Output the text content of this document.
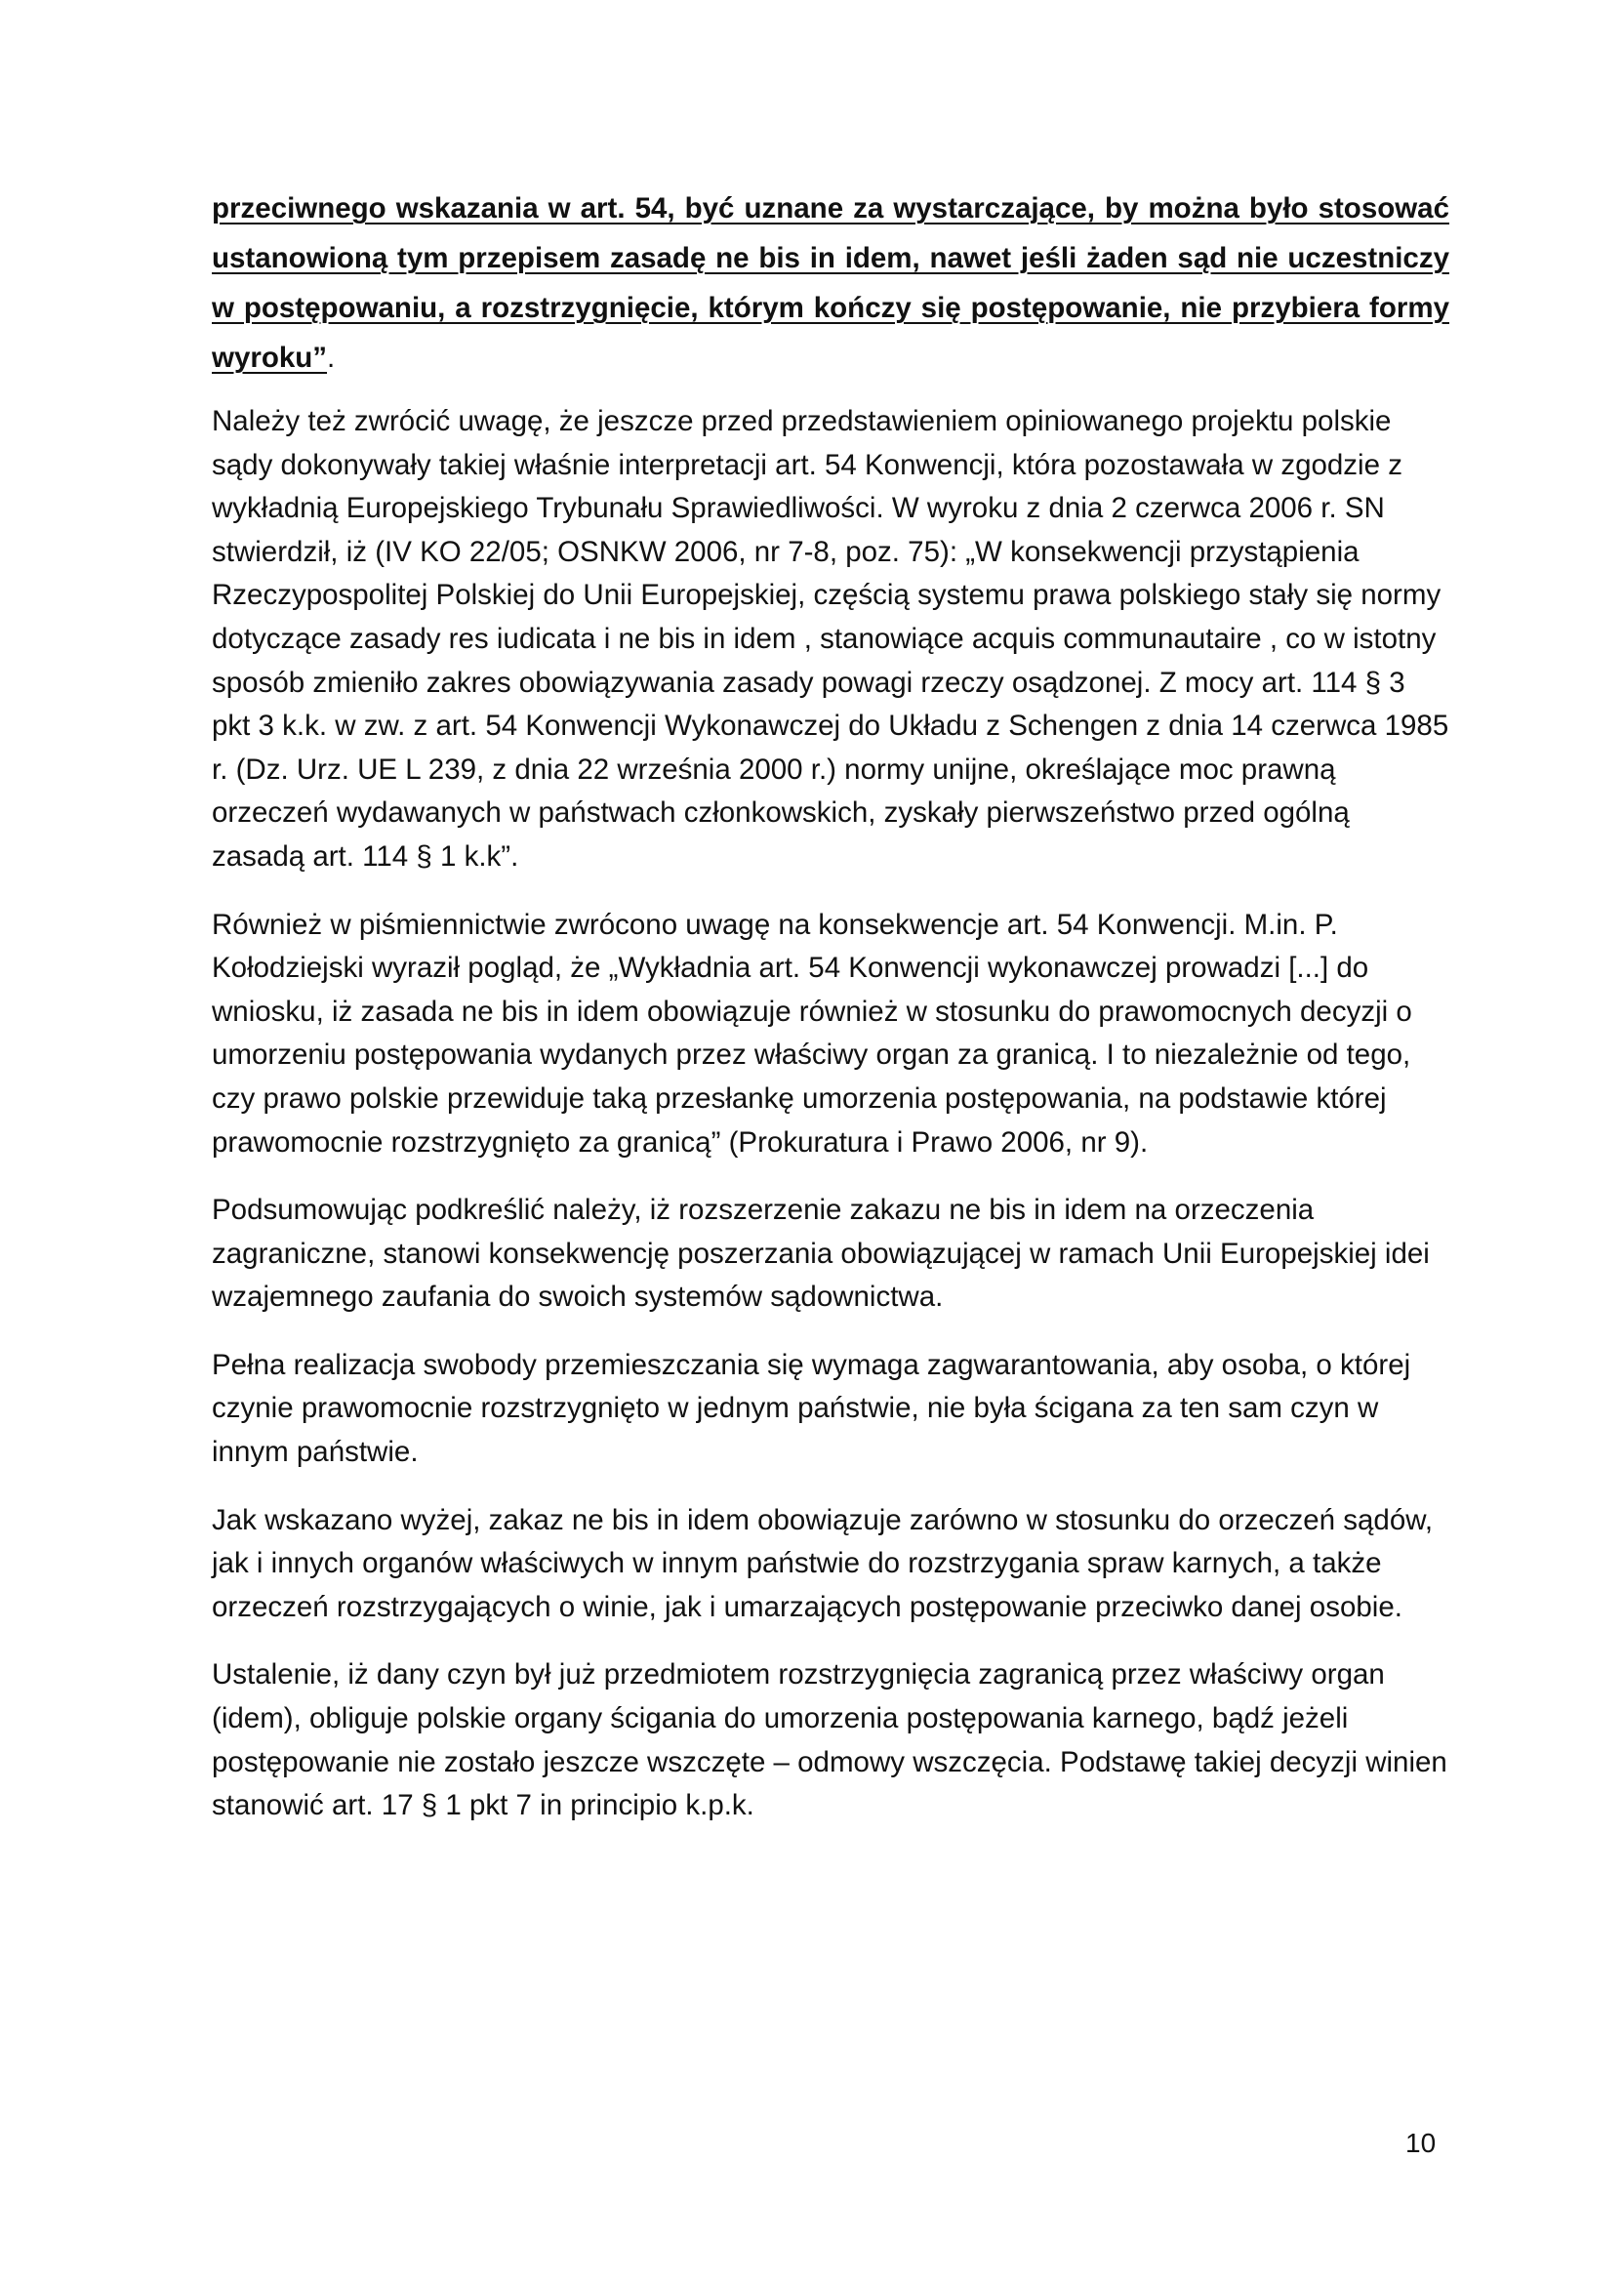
przeciwnego wskazania w art. 54, być uznane za wystarczające, by można było stosować ustanowioną tym przepisem zasadę ne bis in idem, nawet jeśli żaden sąd nie uczestniczy w postępowaniu, a rozstrzygnięcie, którym kończy się postępowanie, nie przybiera formy wyroku”.

Należy też zwrócić uwagę, że jeszcze przed przedstawieniem opiniowanego projektu polskie sądy dokonywały takiej właśnie interpretacji art. 54 Konwencji, która pozostawała w zgodzie z wykładnią Europejskiego Trybunału Sprawiedliwości. W wyroku z dnia 2 czerwca 2006 r. SN stwierdził, iż (IV KO 22/05; OSNKW 2006, nr 7-8, poz. 75): „W konsekwencji przystąpienia Rzeczypospolitej Polskiej do Unii Europejskiej, częścią systemu prawa polskiego stały się normy dotyczące zasady res iudicata i ne bis in idem , stanowiące acquis communautaire , co w istotny sposób zmieniło zakres obowiązywania zasady powagi rzeczy osądzonej. Z mocy art. 114 § 3 pkt 3 k.k. w zw. z art. 54 Konwencji Wykonawczej do Układu z Schengen z dnia 14 czerwca 1985 r. (Dz. Urz. UE L 239, z dnia 22 września 2000 r.) normy unijne, określające moc prawną orzeczeń wydawanych w państwach członkowskich, zyskały pierwszeństwo przed ogólną zasadą art. 114 § 1 k.k”.

Również w piśmiennictwie zwrócono uwagę na konsekwencje art. 54 Konwencji. M.in. P. Kołodziejski wyraził pogląd, że „Wykładnia art. 54 Konwencji wykonawczej prowadzi [...] do wniosku, iż zasada ne bis in idem obowiązuje również w stosunku do prawomocnych decyzji o umorzeniu postępowania wydanych przez właściwy organ za granicą. I to niezależnie od tego, czy prawo polskie przewiduje taką przesłankę umorzenia postępowania, na podstawie której prawomocnie rozstrzygnięto za granicą” (Prokuratura i Prawo 2006, nr 9).

Podsumowując podkreślić należy, iż rozszerzenie zakazu ne bis in idem na orzeczenia zagraniczne, stanowi konsekwencję poszerzania obowiązującej w ramach Unii Europejskiej idei wzajemnego zaufania do swoich systemów sądownictwa.

Pełna realizacja swobody przemieszczania się wymaga zagwarantowania, aby osoba, o której czynie prawomocnie rozstrzygnięto w jednym państwie, nie była ścigana za ten sam czyn w innym państwie.

Jak wskazano wyżej, zakaz ne bis in idem obowiązuje zarówno w stosunku do orzeczeń sądów, jak i innych organów właściwych w innym państwie do rozstrzygania spraw karnych, a także orzeczeń rozstrzygających o winie, jak i umarzających postępowanie przeciwko danej osobie.

Ustalenie, iż dany czyn był już przedmiotem rozstrzygnięcia zagranicą przez właściwy organ (idem), obliguje polskie organy ścigania do umorzenia postępowania karnego, bądź jeżeli postępowanie nie zostało jeszcze wszczęte – odmowy wszczęcia. Podstawę takiej decyzji winien stanowić art. 17 § 1 pkt 7 in principio k.p.k.

10
